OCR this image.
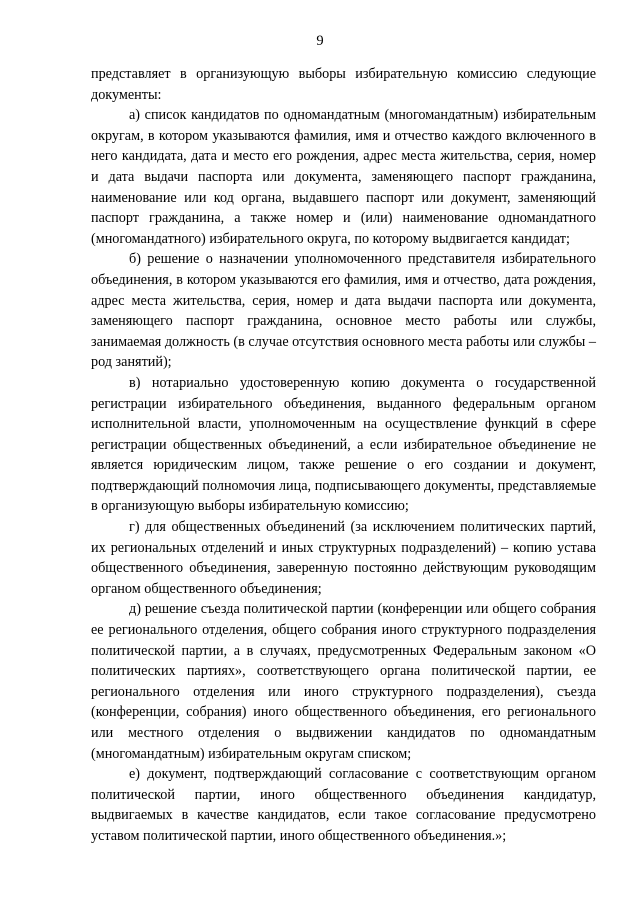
9

представляет в организующую выборы избирательную комиссию следующие документы:

а) список кандидатов по одномандатным (многомандатным) избирательным округам, в котором указываются фамилия, имя и отчество каждого включенного в него кандидата, дата и место его рождения, адрес места жительства, серия, номер и дата выдачи паспорта или документа, заменяющего паспорт гражданина, наименование или код органа, выдавшего паспорт или документ, заменяющий паспорт гражданина, а также номер и (или) наименование одномандатного (многомандатного) избирательного округа, по которому выдвигается кандидат;

б) решение о назначении уполномоченного представителя избирательного объединения, в котором указываются его фамилия, имя и отчество, дата рождения, адрес места жительства, серия, номер и дата выдачи паспорта или документа, заменяющего паспорт гражданина, основное место работы или службы, занимаемая должность (в случае отсутствия основного места работы или службы – род занятий);

в) нотариально удостоверенную копию документа о государственной регистрации избирательного объединения, выданного федеральным органом исполнительной власти, уполномоченным на осуществление функций в сфере регистрации общественных объединений, а если избирательное объединение не является юридическим лицом, также решение о его создании и документ, подтверждающий полномочия лица, подписывающего документы, представляемые в организующую выборы избирательную комиссию;

г) для общественных объединений (за исключением политических партий, их региональных отделений и иных структурных подразделений) – копию устава общественного объединения, заверенную постоянно действующим руководящим органом общественного объединения;

д) решение съезда политической партии (конференции или общего собрания ее регионального отделения, общего собрания иного структурного подразделения политической партии, а в случаях, предусмотренных Федеральным законом «О политических партиях», соответствующего органа политической партии, ее регионального отделения или иного структурного подразделения), съезда (конференции, собрания) иного общественного объединения, его регионального или местного отделения о выдвижении кандидатов по одномандатным (многомандатным) избирательным округам списком;

е) документ, подтверждающий согласование с соответствующим органом политической партии, иного общественного объединения кандидатур, выдвигаемых в качестве кандидатов, если такое согласование предусмотрено уставом политической партии, иного общественного объединения.»;
